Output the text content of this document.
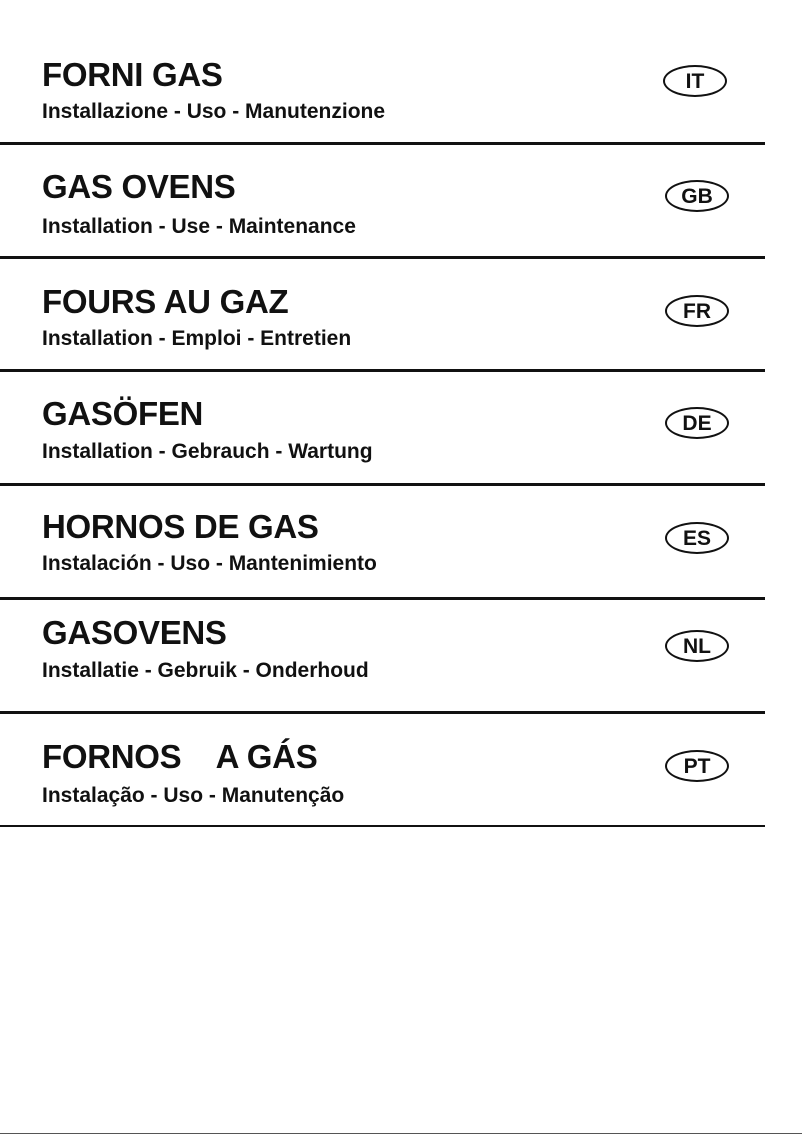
FORNI GAS
Installazione - Uso - Manutenzione
IT
GAS OVENS
Installation - Use - Maintenance
GB
FOURS AU GAZ
Installation - Emploi - Entretien
FR
GASÖFEN
Installation - Gebrauch - Wartung
DE
HORNOS DE GAS
Instalación - Uso - Mantenimiento
ES
GASOVENS
Installatie - Gebruik - Onderhoud
NL
FORNOS    A GÁS
Instalação - Uso - Manutenção
PT
